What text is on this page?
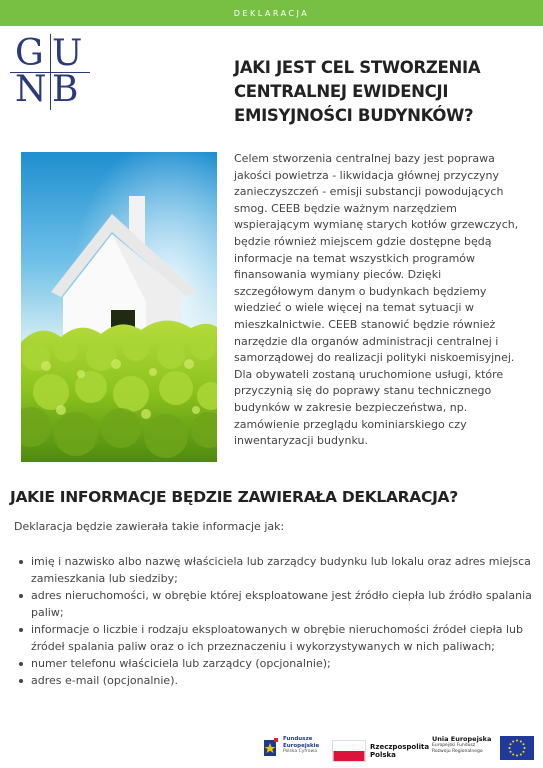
DEKLARACJA
G U
N B
JAKI JEST CEL STWORZENIA CENTRALNEJ EWIDENCJI EMISYJNOŚCI BUDYNKÓW?

Celem stworzenia centralnej bazy jest poprawa jakości powietrza - likwidacja głównej przyczyny zanieczyszczeń - emisji substancji powodujących smog. CEEB będzie ważnym narzędziem wspierającym wymianę starych kotłów grzewczych, będzie również miejscem gdzie dostępne będą informacje na temat wszystkich programów finansowania wymiany pieców. Dzięki szczegółowym danym o budynkach będziemy wiedzieć o wiele więcej na temat sytuacji w mieszkalnictwie. CEEB stanowić będzie również narzędzie dla organów administracji centralnej i samorządowej do realizacji polityki niskoemisyjnej. Dla obywateli zostaną uruchomione usługi, które przyczynią się do poprawy stanu technicznego budynków w zakresie bezpieczeństwa, np. zamówienie przeglądu kominiarskiego czy inwentaryzacji budynku.

JAKIE INFORMACJE BĘDZIE ZAWIERAŁA DEKLARACJA?

Deklaracja będzie zawierała takie informacje jak:

imię i nazwisko albo nazwę właściciela lub zarządcy budynku lub lokalu oraz adres miejsca zamieszkania lub siedziby;
adres nieruchomości, w obrębie której eksploatowane jest źródło ciepła lub źródło spalania paliw;
informacje o liczbie i rodzaju eksploatowanych w obrębie nieruchomości źródeł ciepła lub źródeł spalania paliw oraz o ich przeznaczeniu i wykorzystywanych w nich paliwach;
numer telefonu właściciela lub zarządcy (opcjonalnie);
adres e-mail (opcjonalnie).
Fundusze
Europejskie
Polska Cyfrowa
Rzeczpospolita
Polska
Unia Europejska
Europejski Fundusz
Rozwoju Regionalnego
